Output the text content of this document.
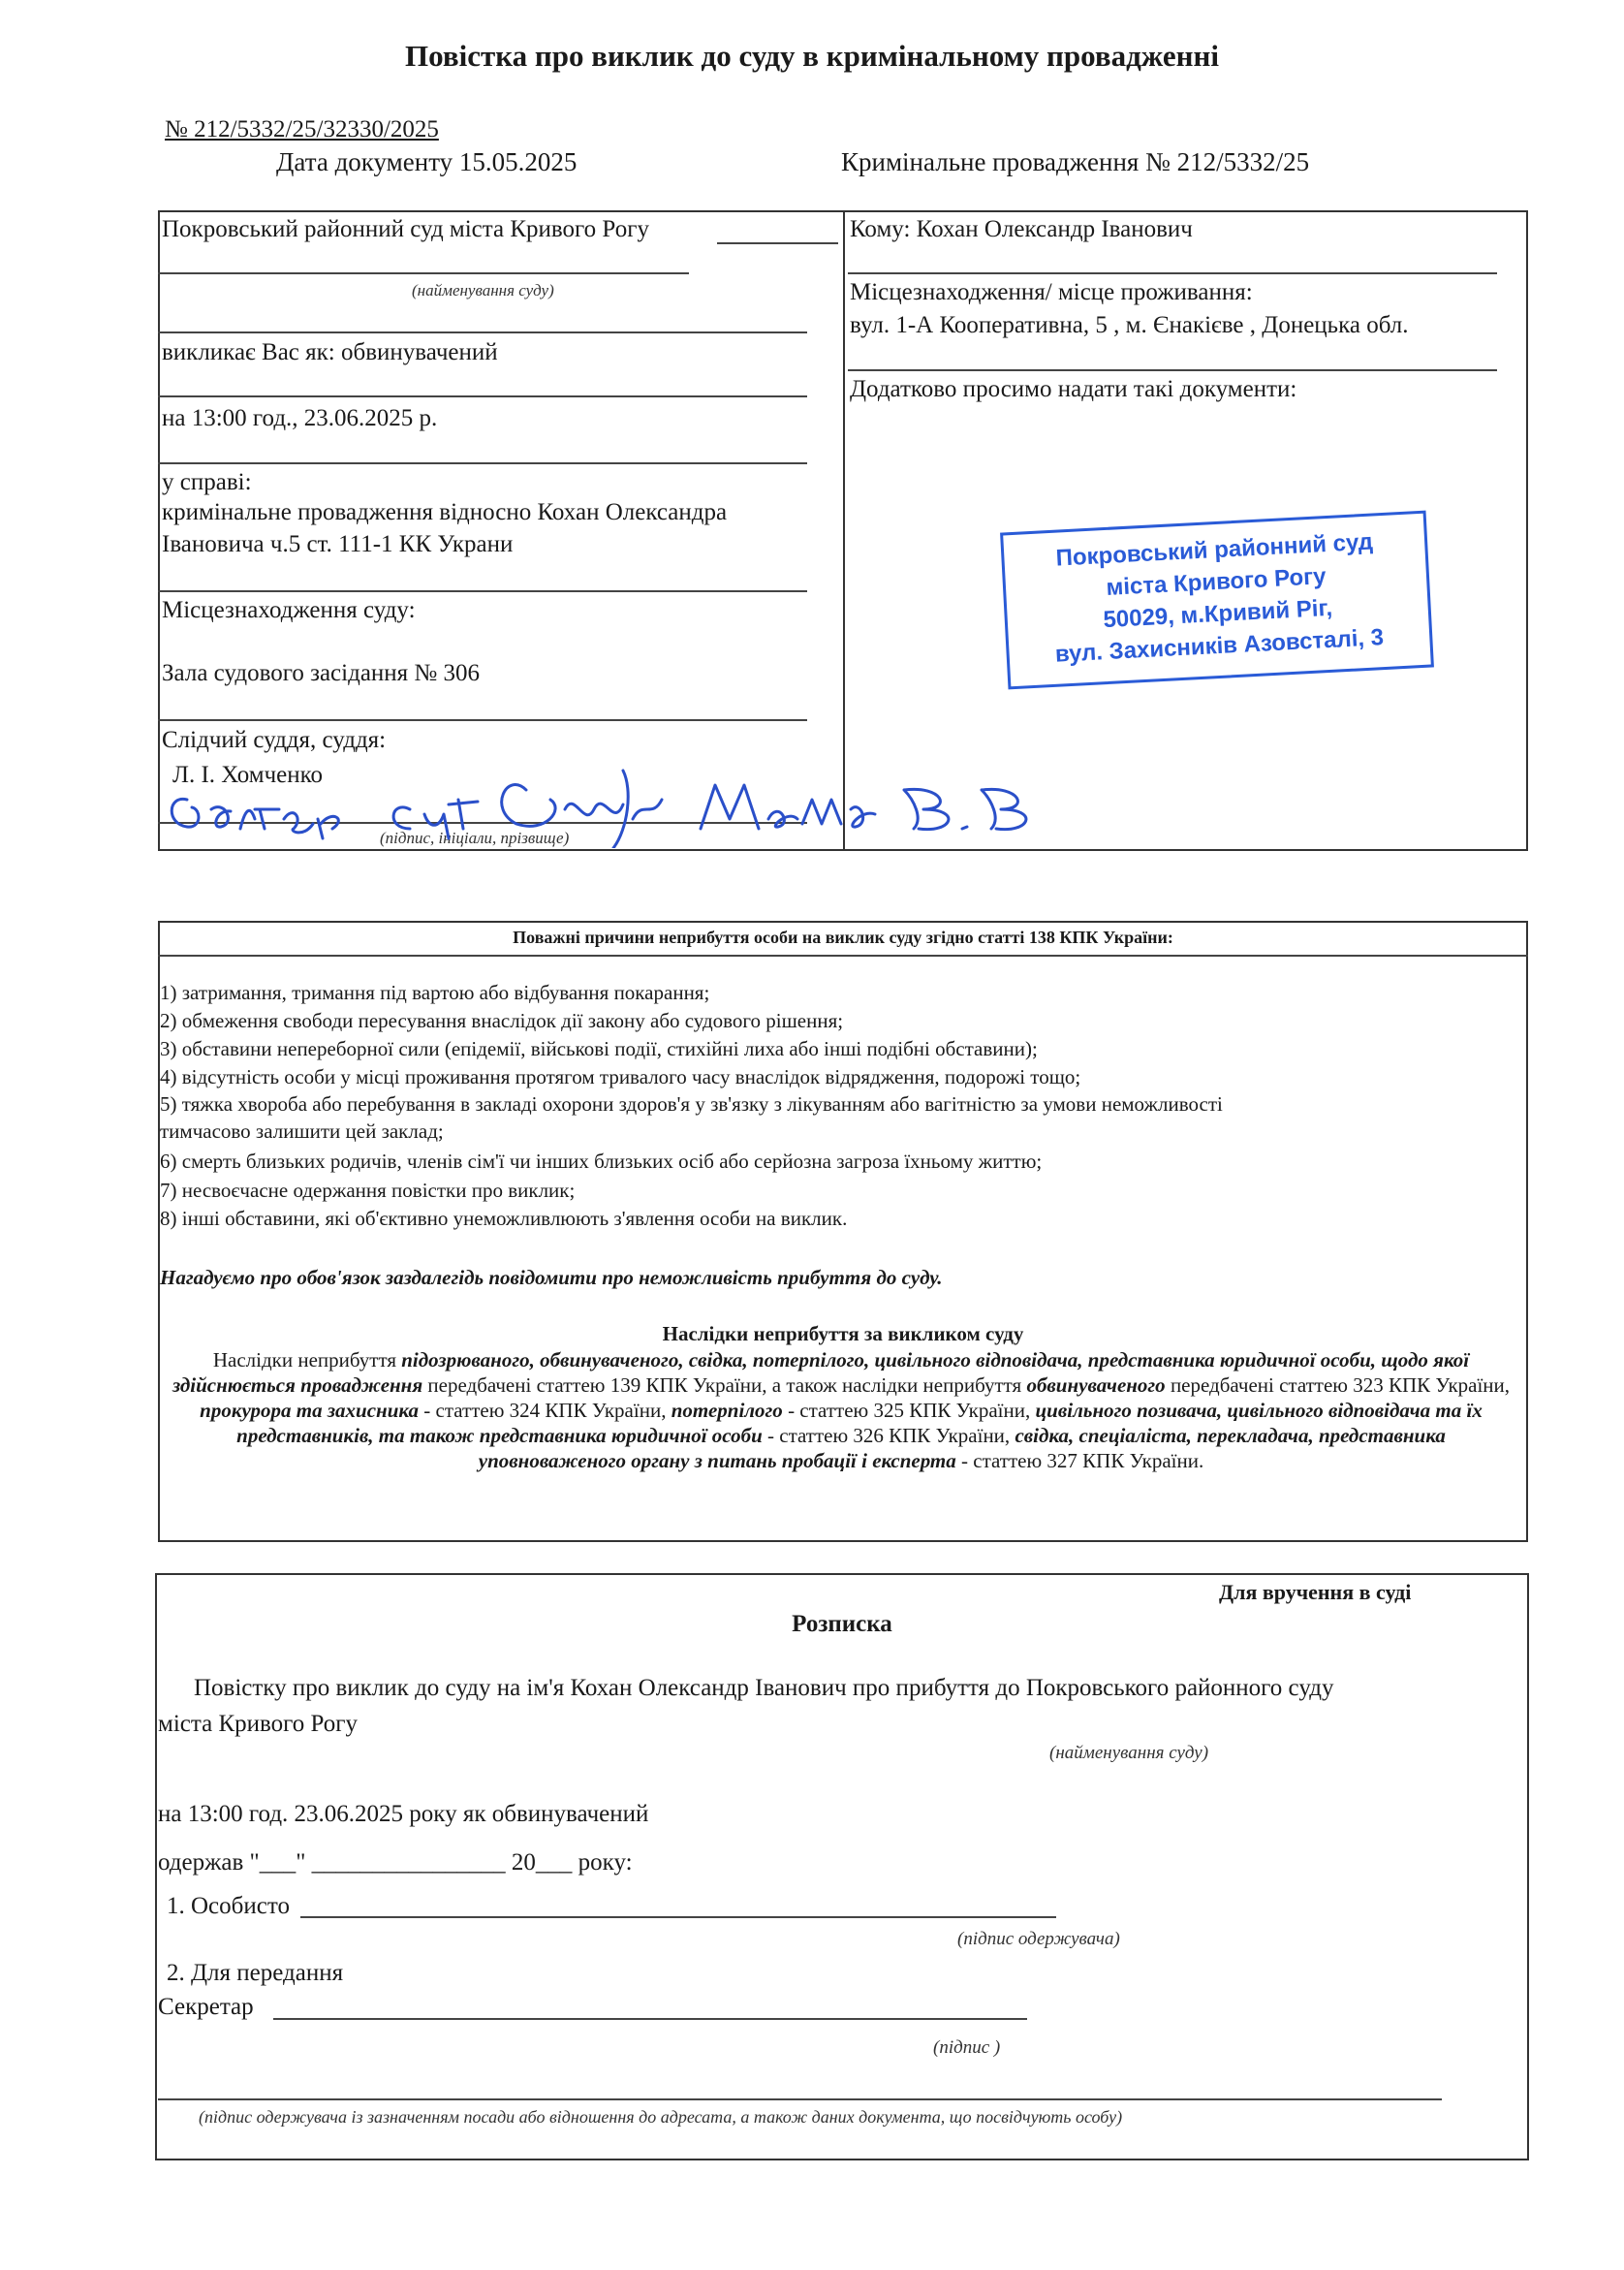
Повістка про виклик до суду в кримінальному провадженні
№ 212/5332/25/32330/2025
Дата документу 15.05.2025	Кримінальне провадження № 212/5332/25
Покровський районний суд міста Кривого Рогу
(найменування суду)
викликає Вас як: обвинувачений
на 13:00 год., 23.06.2025 р.
у справі:
кримінальне провадження відносно Кохан Олександра
Івановича ч.5 ст. 111-1 КК Украни
Місцезнаходження суду:
Зала судового засідання № 306
Слідчий суддя, суддя:
Л. І. Хомченко
(підпис, ініціали, прізвище)
Кому: Кохан Олександр Іванович
Місцезнаходження/ місце проживання:
вул. 1-А Кооперативна, 5 , м. Єнакієве , Донецька обл.
Додатково просимо надати такі документи:
Покровський районний суд
міста Кривого Рогу
50029, м.Кривий Ріг,
вул. Захисників Азовсталі, 3
Поважні причини неприбуття особи на виклик суду згідно статті 138 КПК України:
1) затримання, тримання під вартою або відбування покарання;
2) обмеження свободи пересування внаслідок дії закону або судового рішення;
3) обставини непереборної сили (епідемії, військові події, стихійні лиха або інші подібні обставини);
4) відсутність особи у місці проживання протягом тривалого часу внаслідок відрядження, подорожі тощо;
5) тяжка хвороба або перебування в закладі охорони здоров'я у зв'язку з лікуванням або вагітністю за умови неможливості
тимчасово залишити цей заклад;
6) смерть близьких родичів, членів сім'ї чи інших близьких осіб або серйозна загроза їхньому життю;
7) несвоєчасне одержання повістки про виклик;
8) інші обставини, які об'єктивно унеможливлюють з'явлення особи на виклик.
Нагадуємо про обов'язок заздалегідь повідомити про неможливість прибуття до суду.
Наслідки неприбуття за викликом суду
Наслідки неприбуття підозрюваного, обвинуваченого, свідка, потерпілого, цивільного відповідача, представника юридичної особи, щодо якої здійснюється провадження передбачені статтею 139 КПК України, а також наслідки неприбуття обвинуваченого передбачені статтею 323 КПК України, прокурора та захисника - статтею 324 КПК України, потерпілого - статтею 325 КПК України, цивільного позивача, цивільного відповідача та їх представників, та також представника юридичної особи - статтею 326 КПК України, свідка, спеціаліста, перекладача, представника уповноваженого органу з питань пробації і експерта - статтею 327 КПК України.
Для вручення в суді
Розписка
Повістку про виклик до суду на ім'я Кохан Олександр Іванович про прибуття до Покровського районного суду
міста Кривого Рогу
(найменування суду)
на 13:00 год. 23.06.2025 року як обвинувачений
одержав "___" ________________ 20___ року:
1. Особисто
(підпис одержувача)
2. Для передання
Секретар
(підпис )
(підпис одержувача із зазначенням посади або відношення до адресата, а також даних документа, що посвідчують особу)
